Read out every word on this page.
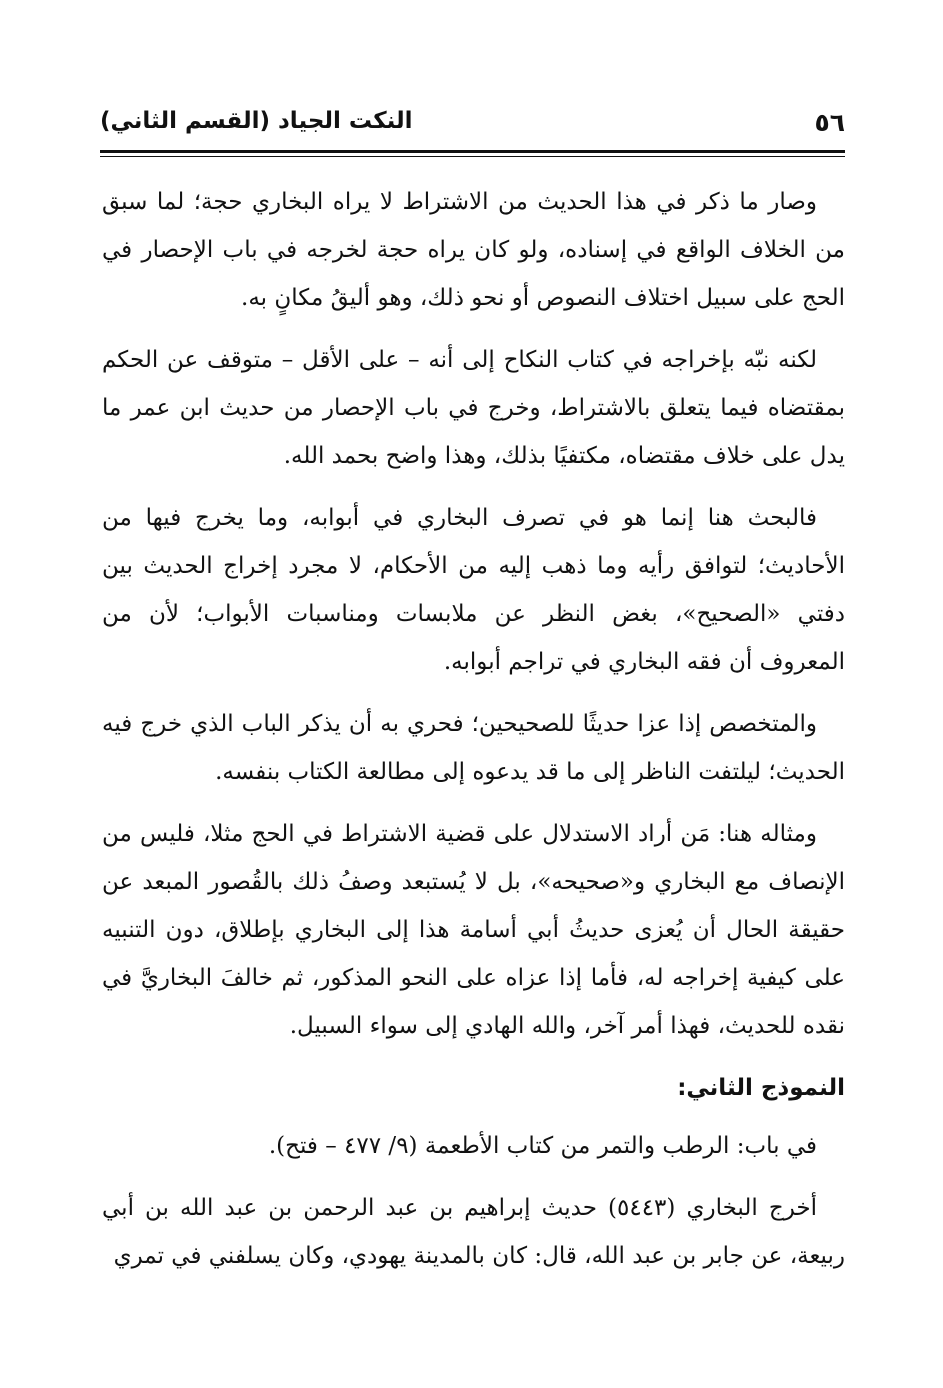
٥٦
النكت الجياد (القسم الثاني)

وصار ما ذكر في هذا الحديث من الاشتراط لا يراه البخاري حجة؛ لما سبق من الخلاف الواقع في إسناده، ولو كان يراه حجة لخرجه في باب الإحصار في الحج على سبيل اختلاف النصوص أو نحو ذلك، وهو أليقُ مكانٍ به.

لكنه نبّه بإخراجه في كتاب النكاح إلى أنه – على الأقل – متوقف عن الحكم بمقتضاه فيما يتعلق بالاشتراط، وخرج في باب الإحصار من حديث ابن عمر ما يدل على خلاف مقتضاه، مكتفيًا بذلك، وهذا واضح بحمد الله.

فالبحث هنا إنما هو في تصرف البخاري في أبوابه، وما يخرج فيها من الأحاديث؛ لتوافق رأيه وما ذهب إليه من الأحكام، لا مجرد إخراج الحديث بين دفتي «الصحيح»، بغض النظر عن ملابسات ومناسبات الأبواب؛ لأن من المعروف أن فقه البخاري في تراجم أبوابه.

والمتخصص إذا عزا حديثًا للصحيحين؛ فحري به أن يذكر الباب الذي خرج فيه الحديث؛ ليلتفت الناظر إلى ما قد يدعوه إلى مطالعة الكتاب بنفسه.

ومثاله هنا: مَن أراد الاستدلال على قضية الاشتراط في الحج مثلا، فليس من الإنصاف مع البخاري و«صحيحه»، بل لا يُستبعد وصفُ ذلك بالقُصور المبعد عن حقيقة الحال أن يُعزى حديثُ أبي أسامة هذا إلى البخاري بإطلاق، دون التنبيه على كيفية إخراجه له، فأما إذا عزاه على النحو المذكور، ثم خالفَ البخاريَّ في نقده للحديث، فهذا أمر آخر، والله الهادي إلى سواء السبيل.

النموذج الثاني:

في باب: الرطب والتمر من كتاب الأطعمة (٩/ ٤٧٧ – فتح).

أخرج البخاري (٥٤٤٣) حديث إبراهيم بن عبد الرحمن بن عبد الله بن أبي ربيعة، عن جابر بن عبد الله، قال: كان بالمدينة يهودي، وكان يسلفني في تمري
